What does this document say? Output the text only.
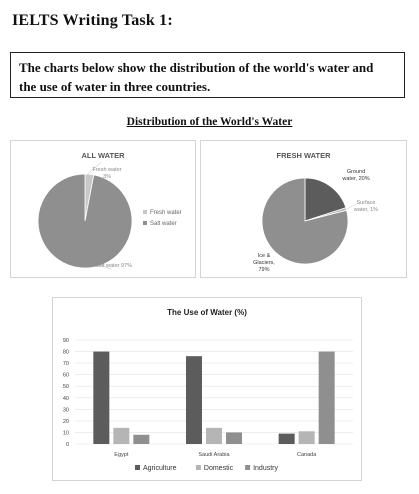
IELTS Writing Task 1:
The charts below show the distribution of the world's water and
the use of water in three countries.
Distribution of the World's Water
ALL WATER
Fresh water 3%
Salt water 97%
Fresh water
Salt water
FRESH WATER
Ground water, 20%
Surface water, 1%
Ice & Glaciers, 79%
The Use of Water (%)
0
10
20
30
40
50
60
70
80
90
Egypt	Saudi Arabia	Canada
Agriculture	Domestic	Industry
